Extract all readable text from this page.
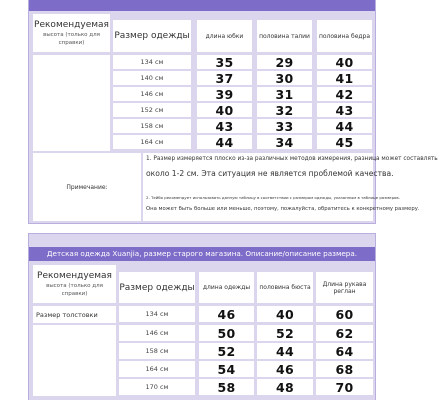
Рекомендуемая
высота (только для справки)
Размер одежды	длина юбки	половина талии	половина бедра
134 см	35	29	40
140 см	37	30	41
146 см	39	31	42
152 см	40	32	43
158 см	43	33	44
164 см	44	34	45
Примечание:
1. Размер измеряется плоско из-за различных методов измерения, разница может составлять
около 1-2 см. Эта ситуация не является проблемой качества.
2. Тейбо рекомендует использовать данную таблицу в соответствии с размером одежды, указанным в таблице размеров.
Она может быть больше или меньше, поэтому, пожалуйста, обратитесь к конкретному размеру.
Детская одежда Xuanjia, размер старого магазина. Описание/описание размера.
Рекомендуемая
высота (только для справки)
Размер одежды	длина одежды	половина бюста	Длина рукава реглан
Размер толстовки	134 см	46	40	60
146 см	50	52	62
158 см	52	44	64
164 см	54	46	68
170 см	58	48	70
